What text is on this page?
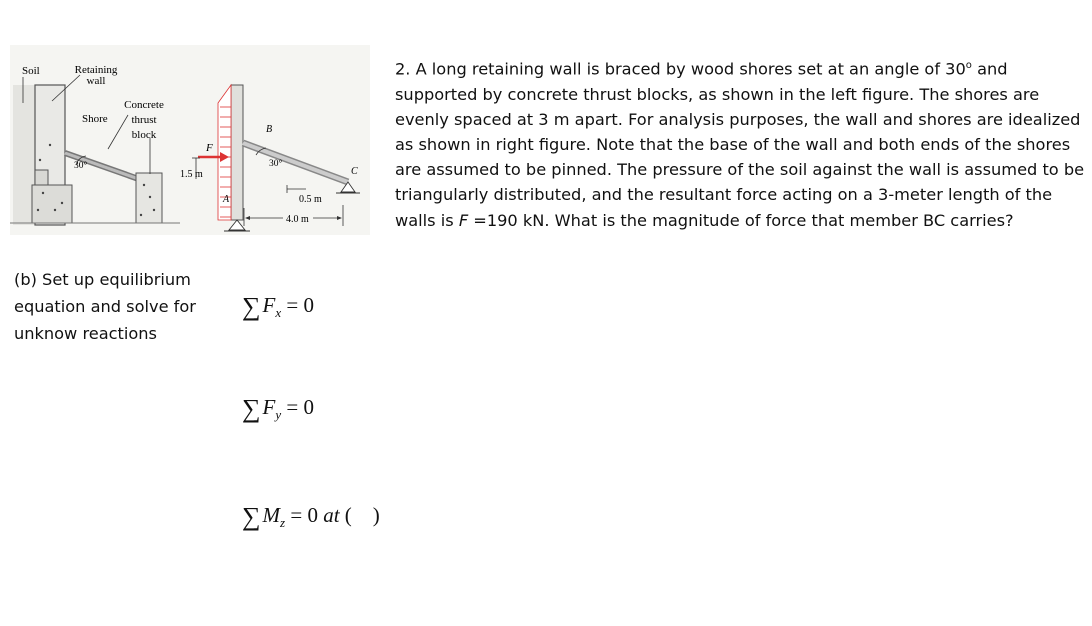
Soil	Retaining wall
Concrete thrust block
Shore
30°
F
1.5 m
A
B
C
30°
0.5 m
4.0 m

2. A long retaining wall is braced by wood shores set at an angle of 30$^o$ and supported by concrete thrust blocks, as shown in the left figure. The shores are evenly spaced at 3 m apart. For analysis purposes, the wall and shores are idealized as shown in right figure. Note that the base of the wall and both ends of the shores are assumed to be pinned. The pressure of the soil against the wall is assumed to be triangularly distributed, and the resultant force acting on a 3-meter length of the walls is F =190 kN. What is the magnitude of force that member BC carries?

(b) Set up equilibrium equation and solve for unknow reactions

$\sum F_x = 0$
$\sum F_y = 0$
$\sum M_z = 0$ at (    )
